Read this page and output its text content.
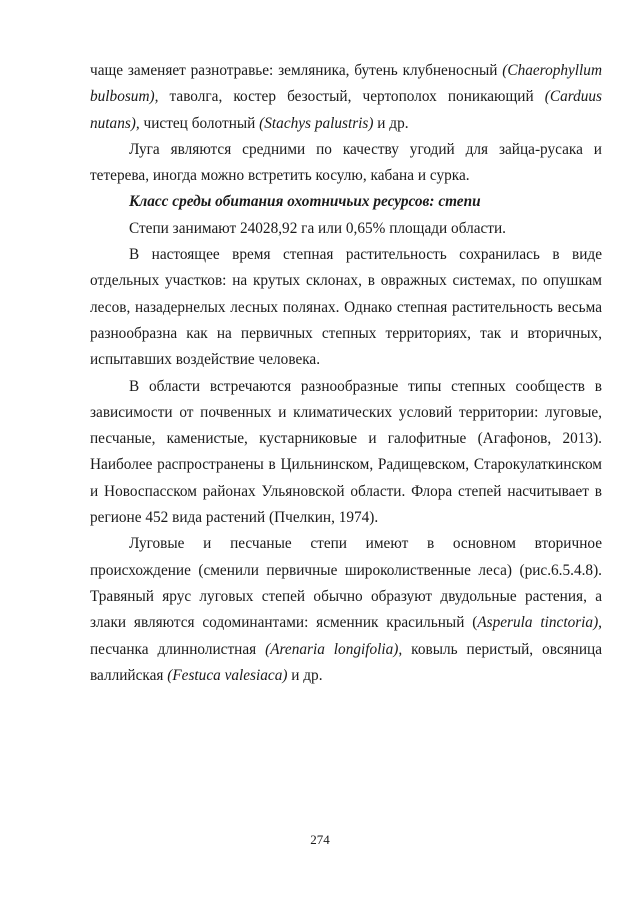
чаще заменяет разнотравье: земляника, бутень клубненосный (Chaerophyllum bulbosum), таволга, костер безостый, чертополох поникающий (Carduus nutans), чистец болотный (Stachys palustris) и др.

Луга являются средними по качеству угодий для зайца-русака и тетерева, иногда можно встретить косулю, кабана и сурка.

Класс среды обитания охотничьих ресурсов: степи

Степи занимают 24028,92 га или 0,65% площади области.

В настоящее время степная растительность сохранилась в виде отдельных участков: на крутых склонах, в овражных системах, по опушкам лесов, назадернелых лесных полянах. Однако степная растительность весьма разнообразна как на первичных степных территориях, так и вторичных, испытавших воздействие человека.

В области встречаются разнообразные типы степных сообществ в зависимости от почвенных и климатических условий территории: луговые, песчаные, каменистые, кустарниковые и галофитные (Агафонов, 2013). Наиболее распространены в Цильнинском, Радищевском, Старокулаткинском и Новоспасском районах Ульяновской области. Флора степей насчитывает в регионе 452 вида растений (Пчелкин, 1974).

Луговые и песчаные степи имеют в основном вторичное происхождение (сменили первичные широколиственные леса) (рис.6.5.4.8). Травяный ярус луговых степей обычно образуют двудольные растения, а злаки являются содоминантами: ясменник красильный (Asperula tinctoria), песчанка длиннолистная (Arenaria longifolia), ковыль перистый, овсяница валлийская (Festuca valesiaca) и др.

274
